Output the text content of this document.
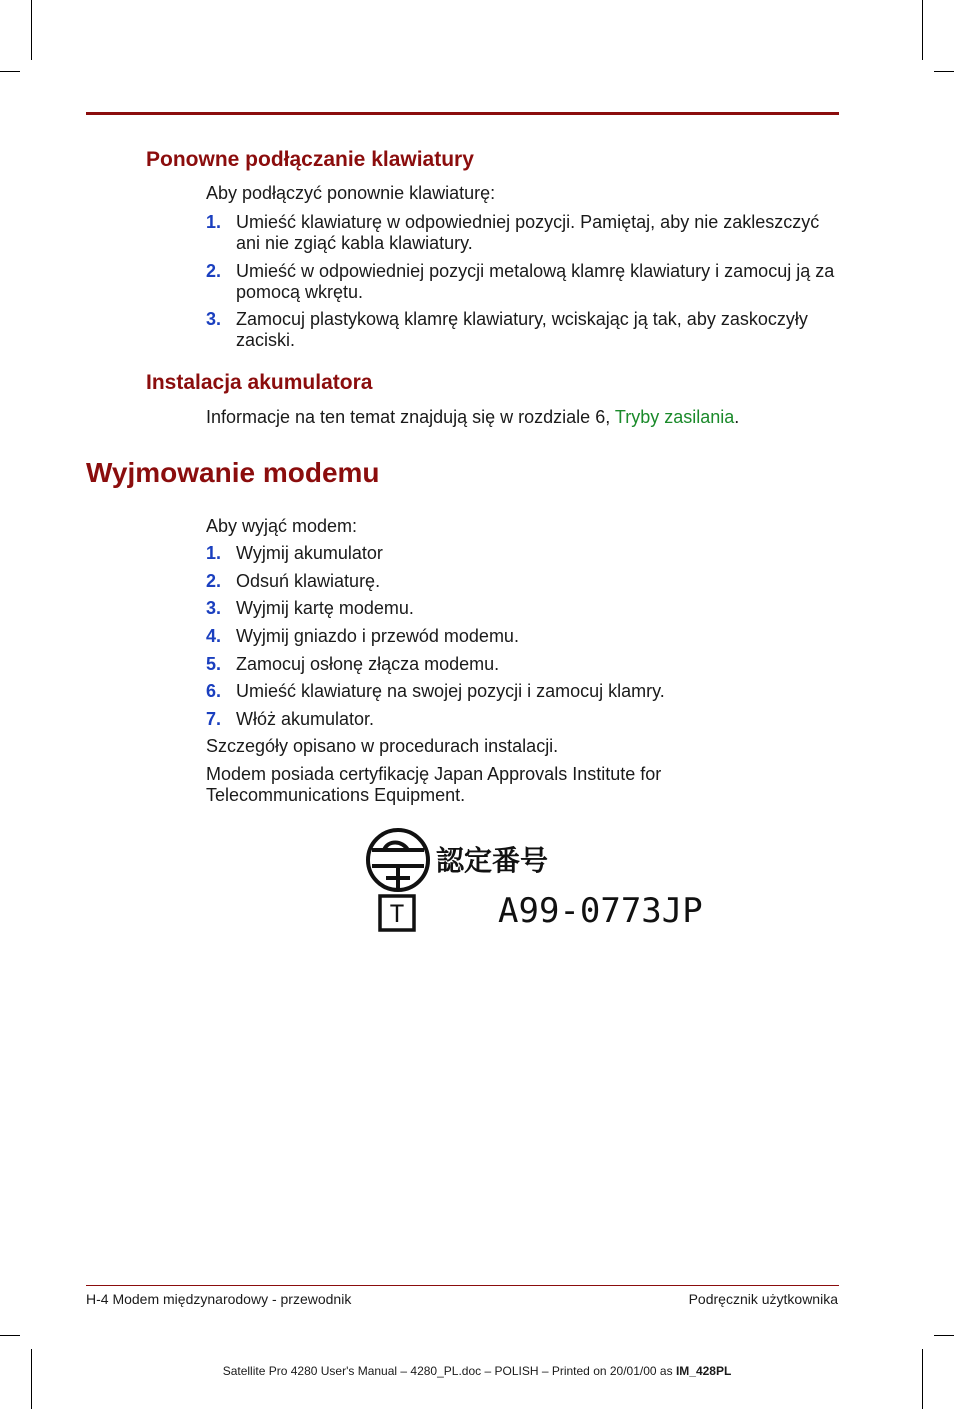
Ponowne podłączanie klawiatury

Aby podłączyć ponownie klawiaturę:

1. Umieść klawiaturę w odpowiedniej pozycji. Pamiętaj, aby nie zakleszczyć ani nie zgiąć kabla klawiatury.
2. Umieść w odpowiedniej pozycji metalową klamrę klawiatury i zamocuj ją za pomocą wkrętu.
3. Zamocuj plastykową klamrę klawiatury, wciskając ją tak, aby zaskoczyły zaciski.
Instalacja akumulatora

Informacje na ten temat znajdują się w rozdziale 6, Tryby zasilania.

Wyjmowanie modemu

Aby wyjąć modem:

1. Wyjmij akumulator
2. Odsuń klawiaturę.
3. Wyjmij kartę modemu.
4. Wyjmij gniazdo i przewód modemu.
5. Zamocuj osłonę złącza modemu.
6. Umieść klawiaturę na swojej pozycji i zamocuj klamry.
7. Włóż akumulator.

Szczegóły opisano w procedurach instalacji.

Modem posiada certyfikację Japan Approvals Institute for Telecommunications Equipment.

T
認定番号
A99-0773JP
H-4 Modem międzynarodowy - przewodnik	Podręcznik użytkownika
Satellite Pro 4280 User's Manual – 4280_PL.doc – POLISH – Printed on 20/01/00 as IM_428PL
